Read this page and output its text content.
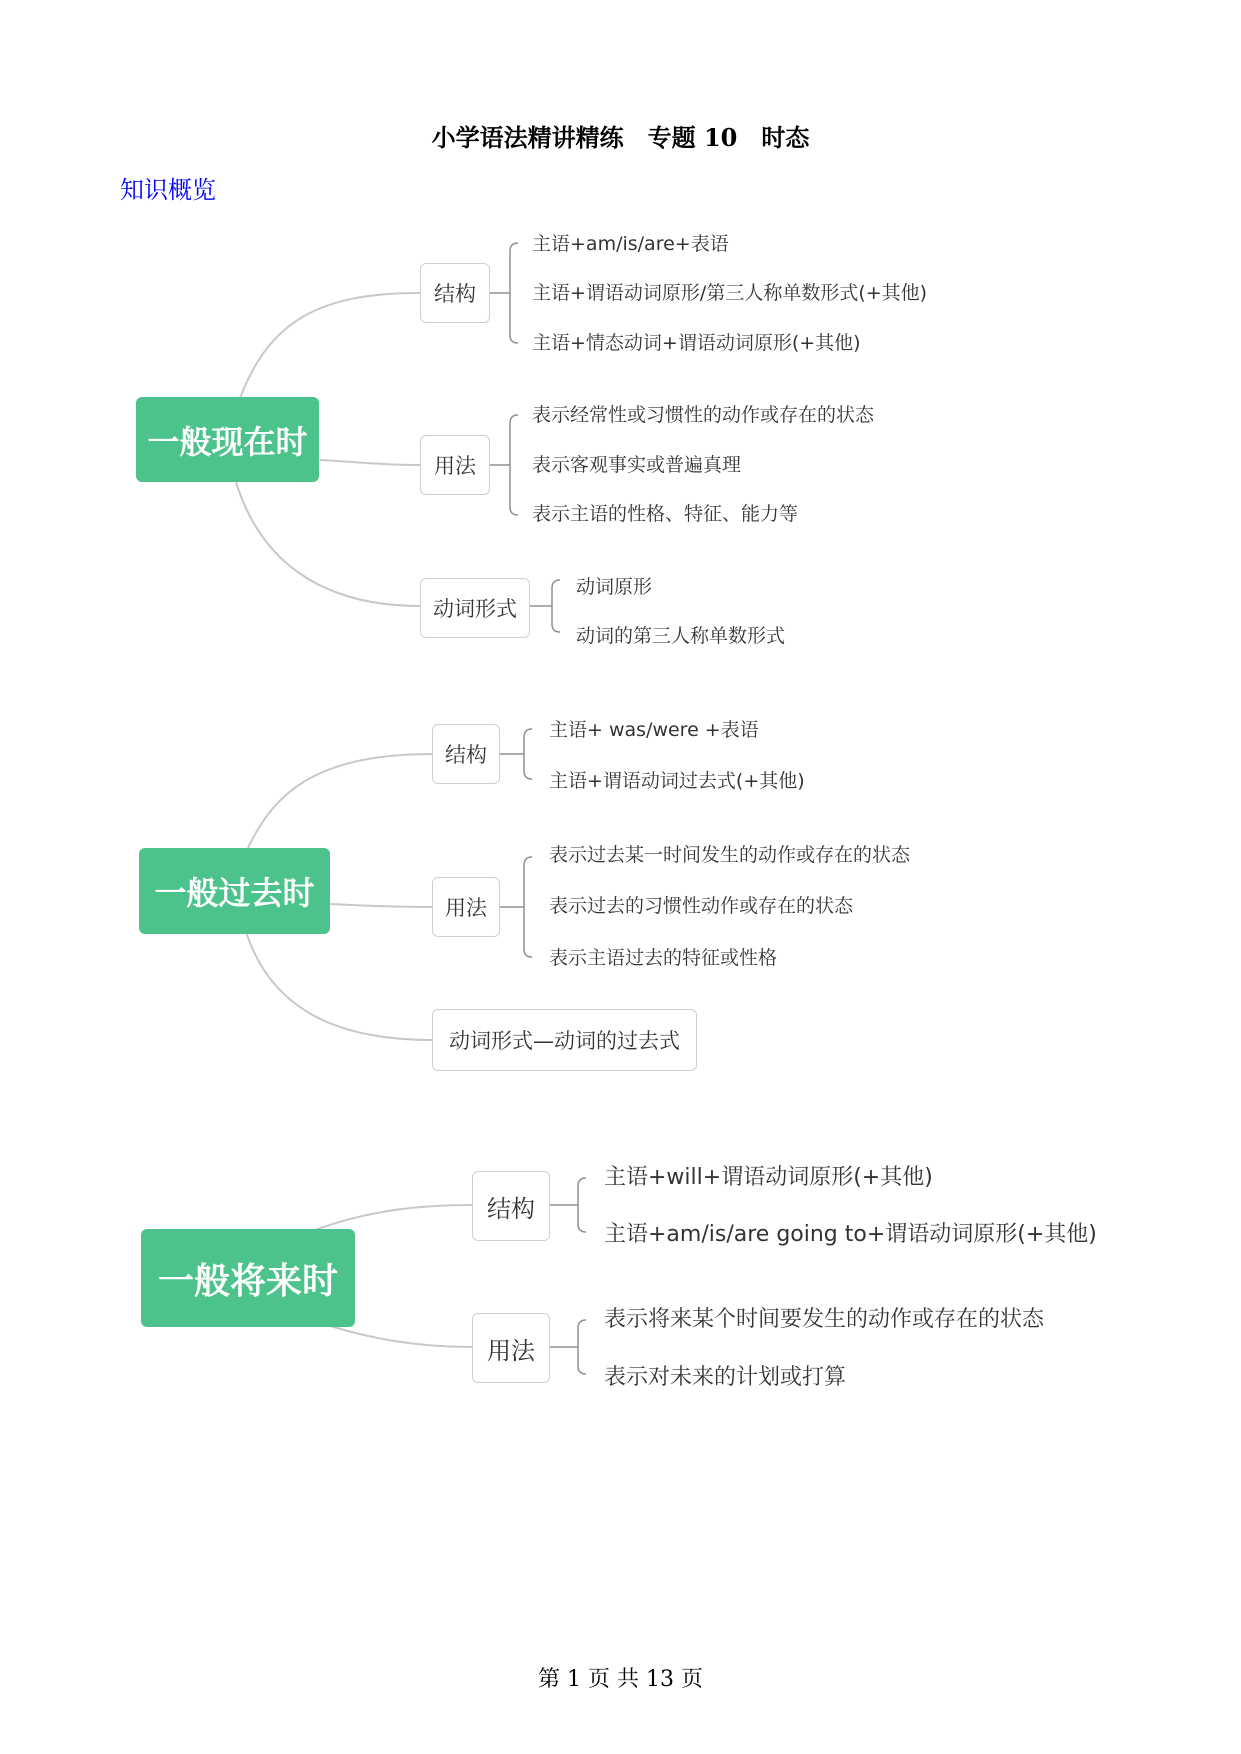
小学语法精讲精练　专题 10　时态
知识概览
一般现在时
结构
主语+am/is/are+表语
主语+谓语动词原形/第三人称单数形式(+其他)
主语+情态动词+谓语动词原形(+其他)
用法
表示经常性或习惯性的动作或存在的状态
表示客观事实或普遍真理
表示主语的性格、特征、能力等
动词形式
动词原形
动词的第三人称单数形式
一般过去时
结构
主语+ was/were +表语
主语+谓语动词过去式(+其他)
用法
表示过去某一时间发生的动作或存在的状态
表示过去的习惯性动作或存在的状态
表示主语过去的特征或性格
动词形式—动词的过去式
一般将来时
结构
主语+will+谓语动词原形(+其他)
主语+am/is/are going to+谓语动词原形(+其他)
用法
表示将来某个时间要发生的动作或存在的状态
表示对未来的计划或打算
第 1 页 共 13 页
